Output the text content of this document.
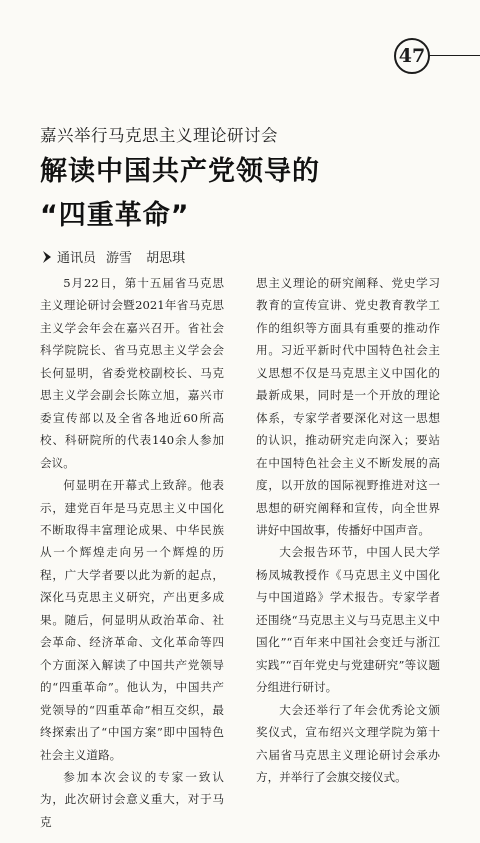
47
嘉兴举行马克思主义理论研讨会
解读中国共产党领导的
“四重革命”
通讯员 游雪 胡思琪

5月22日，第十五届省马克思主义理论研讨会暨2021年省马克思主义学会年会在嘉兴召开。省社会科学院院长、省马克思主义学会会长何显明，省委党校副校长、马克思主义学会副会长陈立旭，嘉兴市委宣传部以及全省各地近60所高校、科研院所的代表140余人参加会议。

何显明在开幕式上致辞。他表示，建党百年是马克思主义中国化不断取得丰富理论成果、中华民族从一个辉煌走向另一个辉煌的历程，广大学者要以此为新的起点，深化马克思主义研究，产出更多成果。随后，何显明从政治革命、社会革命、经济革命、文化革命等四个方面深入解读了中国共产党领导的“四重革命”。他认为，中国共产党领导的“四重革命”相互交织，最终探索出了“中国方案”即中国特色社会主义道路。

参加本次会议的专家一致认为，此次研讨会意义重大，对于马克

思主义理论的研究阐释、党史学习教育的宣传宣讲、党史教育教学工作的组织等方面具有重要的推动作用。习近平新时代中国特色社会主义思想不仅是马克思主义中国化的最新成果，同时是一个开放的理论体系，专家学者要深化对这一思想的认识，推动研究走向深入；要站在中国特色社会主义不断发展的高度，以开放的国际视野推进对这一思想的研究阐释和宣传，向全世界讲好中国故事，传播好中国声音。

大会报告环节，中国人民大学杨凤城教授作《马克思主义中国化与中国道路》学术报告。专家学者还围绕“马克思主义与马克思主义中国化”“百年来中国社会变迁与浙江实践”“百年党史与党建研究”等议题分组进行研讨。

大会还举行了年会优秀论文颁奖仪式，宣布绍兴文理学院为第十六届省马克思主义理论研讨会承办方，并举行了会旗交接仪式。
